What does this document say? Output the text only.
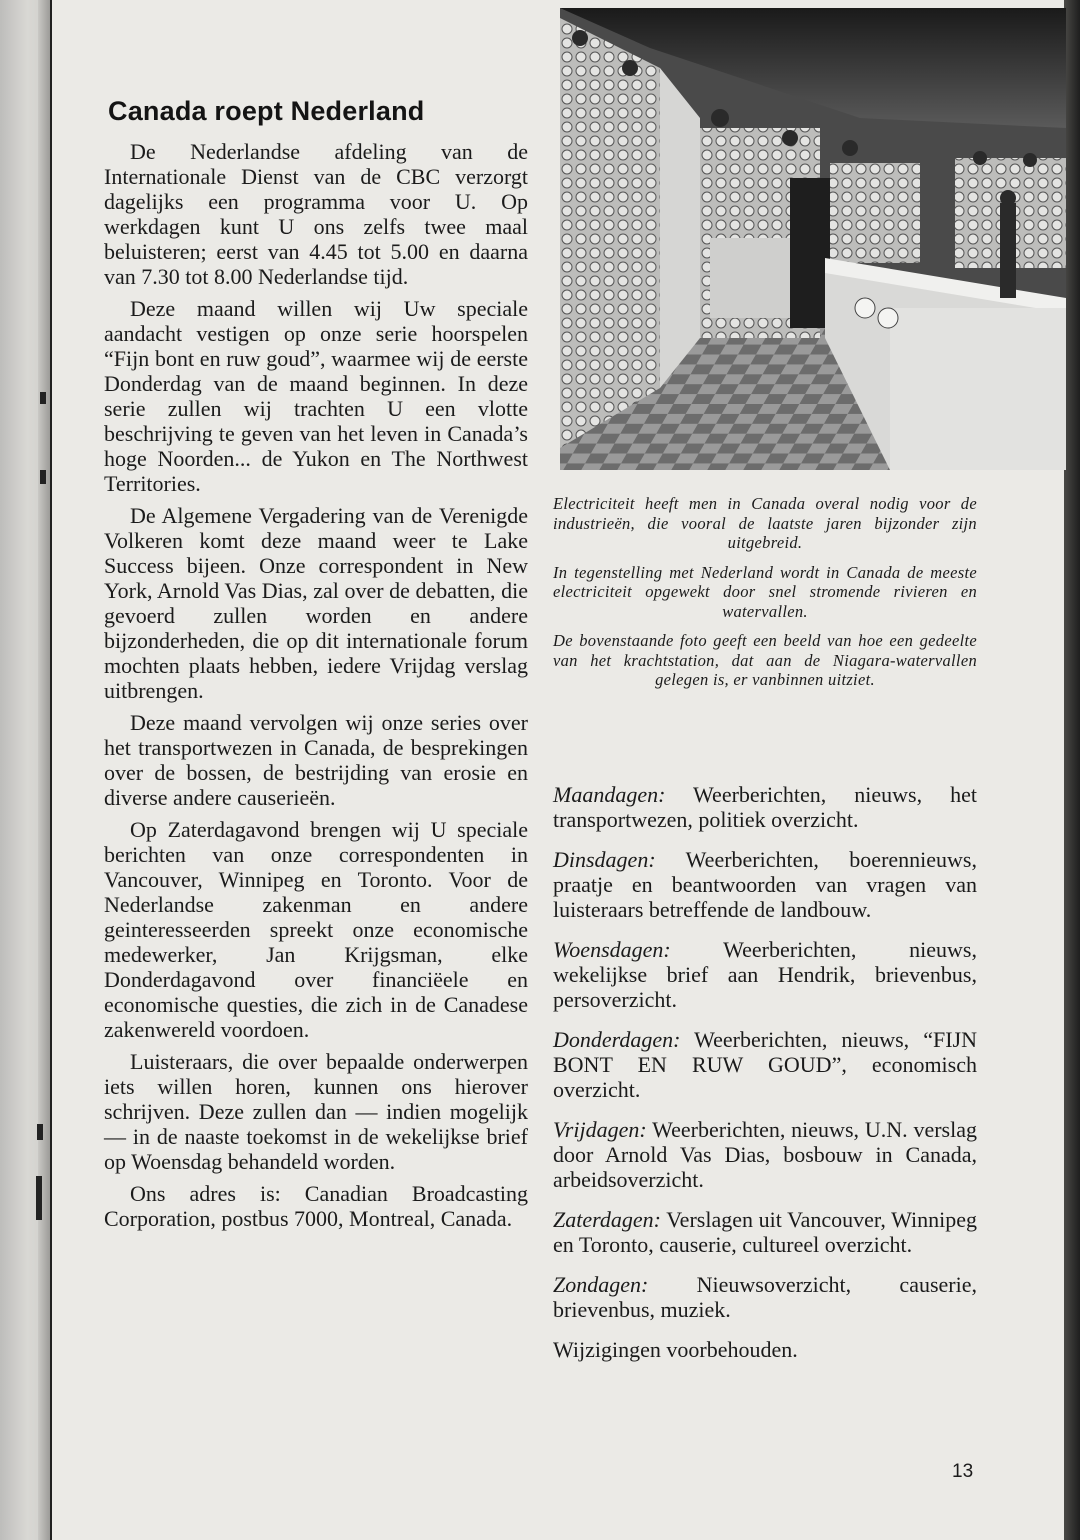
Canada roept Nederland

De Nederlandse afdeling van de Internationale Dienst van de CBC verzorgt dagelijks een programma voor U. Op werkdagen kunt U ons zelfs twee maal beluisteren; eerst van 4.45 tot 5.00 en daarna van 7.30 tot 8.00 Nederlandse tijd.

Deze maand willen wij Uw speciale aandacht vestigen op onze serie hoorspelen “Fijn bont en ruw goud”, waarmee wij de eerste Donderdag van de maand beginnen. In deze serie zullen wij trachten U een vlotte beschrijving te geven van het leven in Canada’s hoge Noorden... de Yukon en The Northwest Territories.

De Algemene Vergadering van de Verenigde Volkeren komt deze maand weer te Lake Success bijeen. Onze correspondent in New York, Arnold Vas Dias, zal over de debatten, die gevoerd zullen worden en andere bijzonderheden, die op dit internationale forum mochten plaats hebben, iedere Vrijdag verslag uitbrengen.

Deze maand vervolgen wij onze series over het transportwezen in Canada, de besprekingen over de bossen, de bestrijding van erosie en diverse andere causerieën.

Op Zaterdagavond brengen wij U speciale berichten van onze correspondenten in Vancouver, Winnipeg en Toronto. Voor de Nederlandse zakenman en andere geinteresseerden spreekt onze economische medewerker, Jan Krijgsman, elke Donderdagavond over financiëele en economische questies, die zich in de Canadese zakenwereld voordoen.

Luisteraars, die over bepaalde onderwerpen iets willen horen, kunnen ons hierover schrijven. Deze zullen dan — indien mogelijk — in de naaste toekomst in de wekelijkse brief op Woensdag behandeld worden.

Ons adres is: Canadian Broadcasting Corporation, postbus 7000, Montreal, Canada.

Electriciteit heeft men in Canada overal nodig voor de industrieën, die vooral de laatste jaren bijzonder zijn uitgebreid.

In tegenstelling met Nederland wordt in Canada de meeste electriciteit opgewekt door snel stromende rivieren en watervallen.

De bovenstaande foto geeft een beeld van hoe een gedeelte van het krachtstation, dat aan de Niagara-watervallen gelegen is, er vanbinnen uitziet.

Maandagen: Weerberichten, nieuws, het transportwezen, politiek overzicht.

Dinsdagen: Weerberichten, boerennieuws, praatje en beantwoorden van vragen van luisteraars betreffende de landbouw.

Woensdagen: Weerberichten, nieuws, wekelijkse brief aan Hendrik, brievenbus, persoverzicht.

Donderdagen: Weerberichten, nieuws, “FIJN BONT EN RUW GOUD”, economisch overzicht.

Vrijdagen: Weerberichten, nieuws, U.N. verslag door Arnold Vas Dias, bosbouw in Canada, arbeidsoverzicht.

Zaterdagen: Verslagen uit Vancouver, Winnipeg en Toronto, causerie, cultureel overzicht.

Zondagen: Nieuwsoverzicht, causerie, brievenbus, muziek.

Wijzigingen voorbehouden.

13
